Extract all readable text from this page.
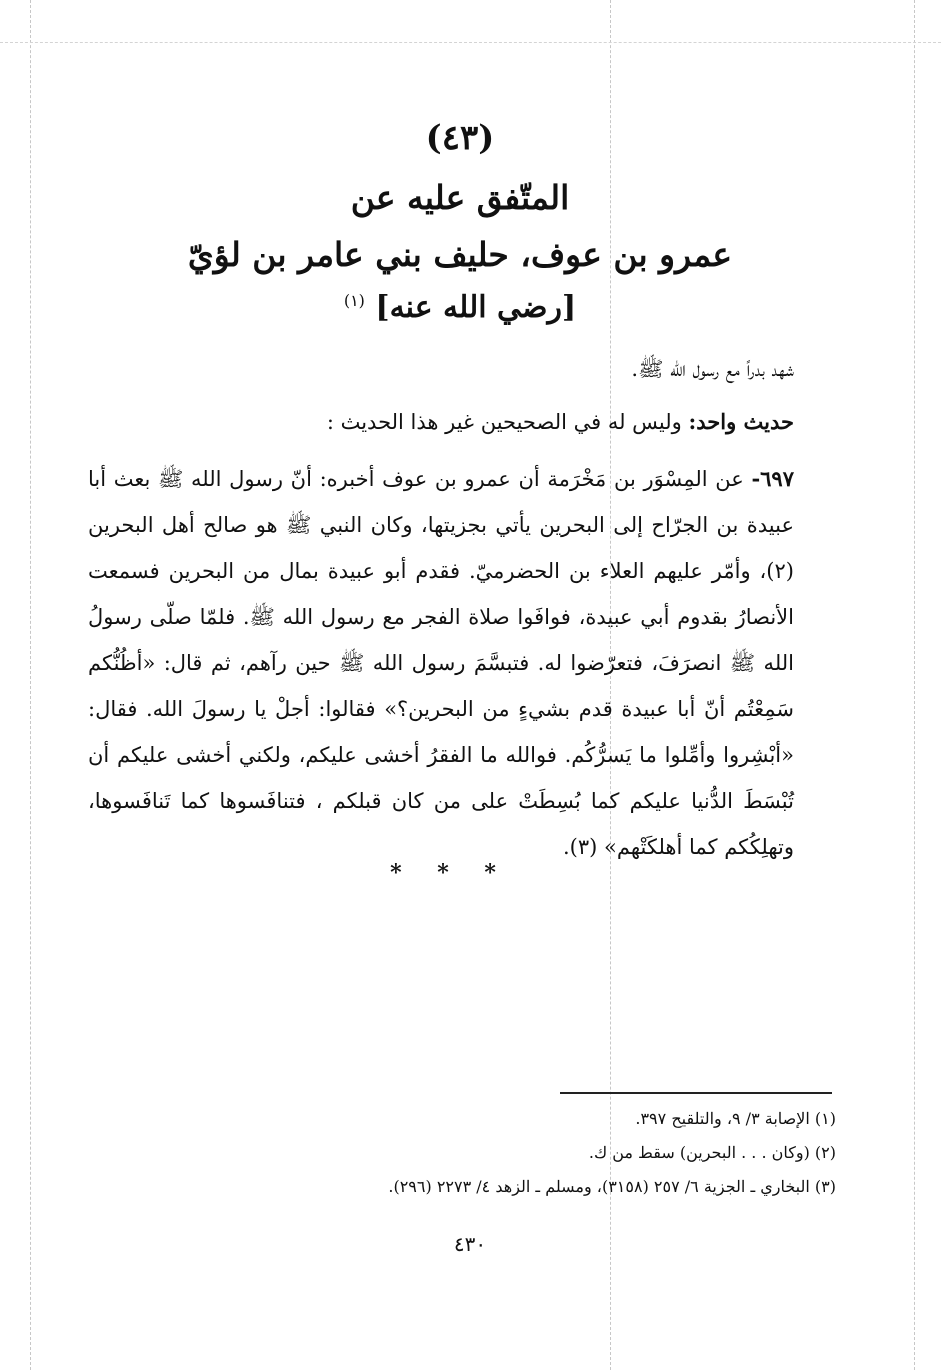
(٤٣)
المتّفق عليه عن
عمرو بن عوف، حليف بني عامر بن لؤيّ
[رضي الله عنه] $^{(١)}$
شهد بدراً مع رسول الله ﷺ.
حديث واحد: وليس له في الصحيحين غير هذا الحديث :
٦٩٧- عن المِسْوَر بن مَخْرَمة أن عمرو بن عوف أخبره: أنّ رسول الله ﷺ بعث أبا عبيدة بن الجرّاح إلى البحرين يأتي بجزيتها، وكان النبي ﷺ هو صالح أهل البحرين (٢)، وأمّر عليهم العلاء بن الحضرميّ. فقدم أبو عبيدة بمال من البحرين فسمعت الأنصارُ بقدوم أبي عبيدة، فوافَوا صلاة الفجر مع رسول الله ﷺ. فلمّا صلّى رسولُ الله ﷺ انصرَفَ، فتعرّضوا له. فتبسَّمَ رسول الله ﷺ حين رآهم، ثم قال: «أظُنُّكم سَمِعْتُم أنّ أبا عبيدة قدم بشيءٍ من البحرين؟» فقالوا: أجلْ يا رسولَ الله. فقال: «أبْشِروا وأمِّلوا ما يَسرُّكُم. فوالله ما الفقرُ أخشى عليكم، ولكني أخشى عليكم أن تُبْسَطَ الدُّنيا عليكم كما بُسِطَتْ على من كان قبلكم ، فتنافَسوها كما تَنافَسوها، وتهلِكُكم كما أهلكَتْهم» (٣).
* * *
(١) الإصابة ٣/ ٩، والتلقيح ٣٩٧.
(٢) (وكان . . . البحرين) سقط من ك.
(٣) البخاري ـ الجزية ٦/ ٢٥٧ (٣١٥٨)، ومسلم ـ الزهد ٤/ ٢٢٧٣ (٢٩٦).
٤٣٠
